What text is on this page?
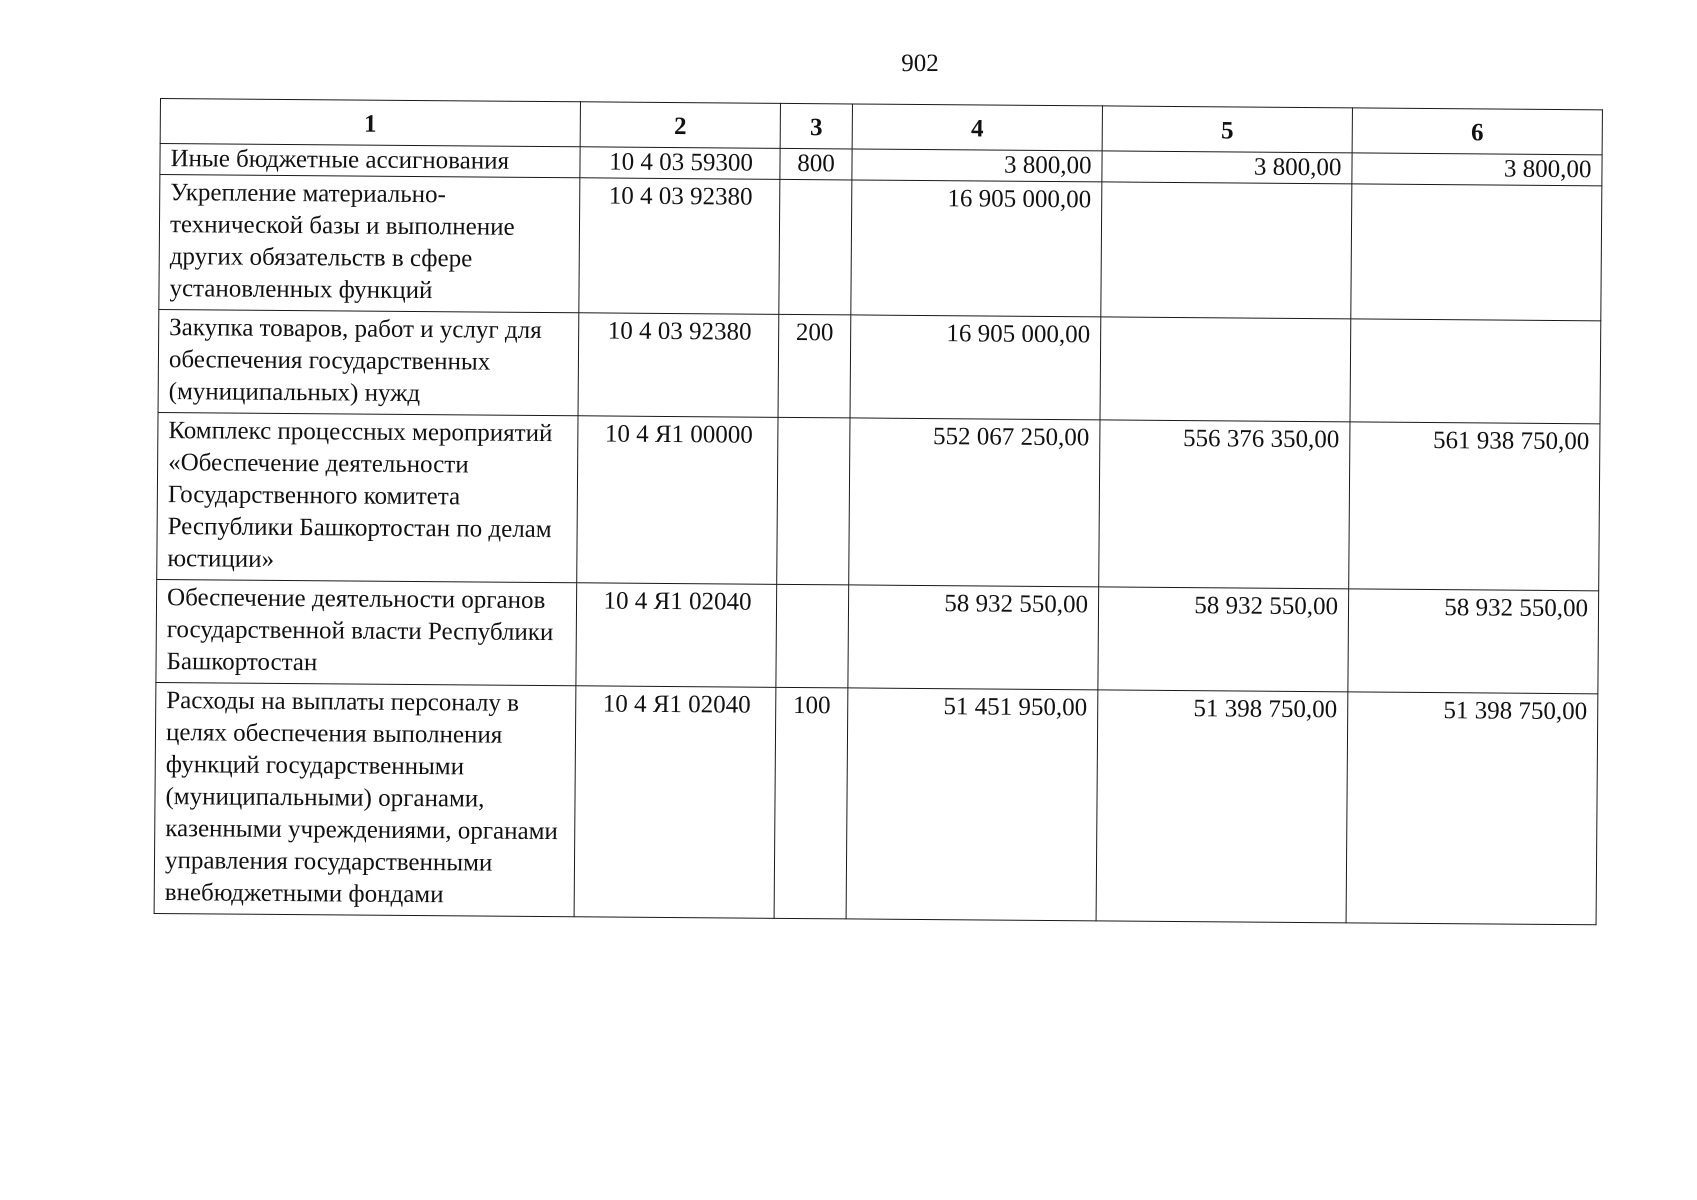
902
1	2	3	4	5	6
Иные бюджетные ассигнования	10 4 03 59300	800	3 800,00	3 800,00	3 800,00
Укрепление материально-технической базы и выполнение других обязательств в сфере установленных функций	10 4 03 92380		16 905 000,00		
Закупка товаров, работ и услуг для обеспечения государственных (муниципальных) нужд	10 4 03 92380	200	16 905 000,00		
Комплекс процессных мероприятий «Обеспечение деятельности Государственного комитета Республики Башкортостан по делам юстиции»	10 4 Я1 00000		552 067 250,00	556 376 350,00	561 938 750,00
Обеспечение деятельности органов государственной власти Республики Башкортостан	10 4 Я1 02040		58 932 550,00	58 932 550,00	58 932 550,00
Расходы на выплаты персоналу в целях обеспечения выполнения функций государственными (муниципальными) органами, казенными учреждениями, органами управления государственными внебюджетными фондами	10 4 Я1 02040	100	51 451 950,00	51 398 750,00	51 398 750,00
